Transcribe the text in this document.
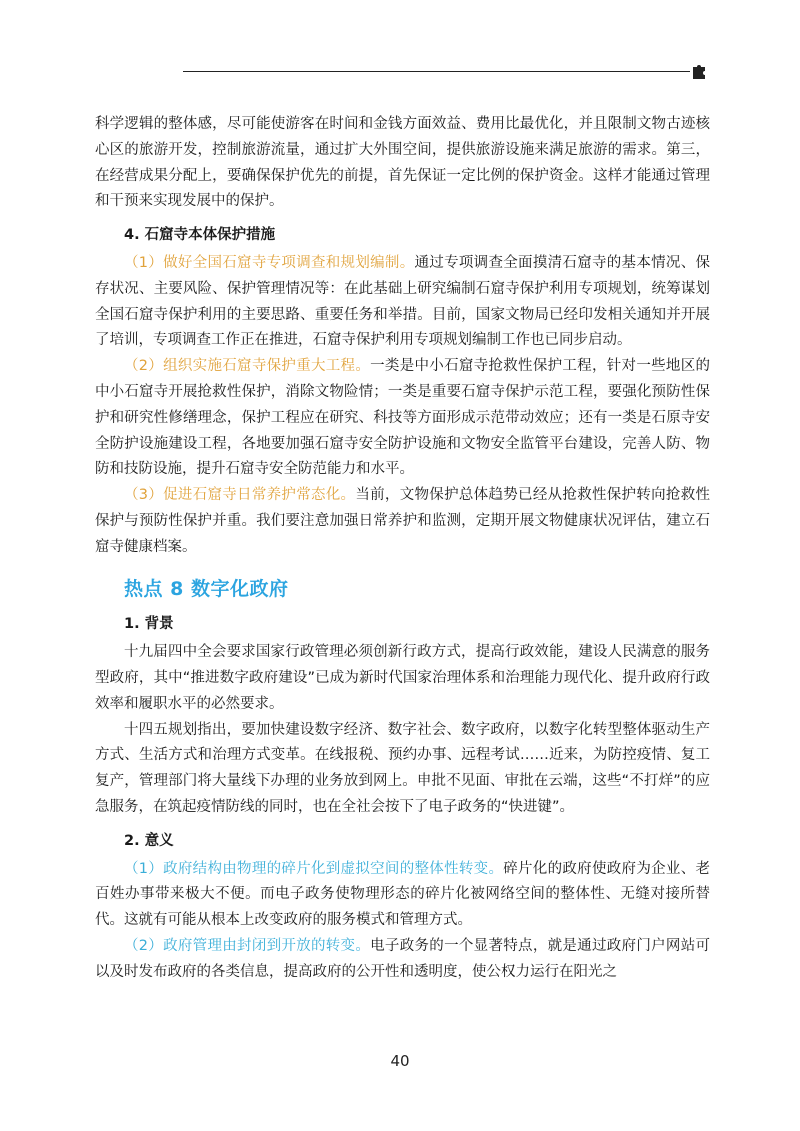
科学逻辑的整体感，尽可能使游客在时间和金钱方面效益、费用比最优化，并且限制文物古迹核心区的旅游开发，控制旅游流量，通过扩大外围空间，提供旅游设施来满足旅游的需求。第三，在经营成果分配上，要确保保护优先的前提，首先保证一定比例的保护资金。这样才能通过管理和干预来实现发展中的保护。

4. 石窟寺本体保护措施

（1）做好全国石窟寺专项调查和规划编制。通过专项调查全面摸清石窟寺的基本情况、保存状况、主要风险、保护管理情况等：在此基础上研究编制石窟寺保护利用专项规划，统筹谋划全国石窟寺保护利用的主要思路、重要任务和举措。目前，国家文物局已经印发相关通知并开展了培训，专项调查工作正在推进，石窟寺保护利用专项规划编制工作也已同步启动。

（2）组织实施石窟寺保护重大工程。一类是中小石窟寺抢救性保护工程，针对一些地区的中小石窟寺开展抢救性保护，消除文物险情；一类是重要石窟寺保护示范工程，要强化预防性保护和研究性修缮理念，保护工程应在研究、科技等方面形成示范带动效应；还有一类是石原寺安全防护设施建设工程，各地要加强石窟寺安全防护设施和文物安全监管平台建设，完善人防、物防和技防设施，提升石窟寺安全防范能力和水平。

（3）促进石窟寺日常养护常态化。当前，文物保护总体趋势已经从抢救性保护转向抢救性保护与预防性保护并重。我们要注意加强日常养护和监测，定期开展文物健康状况评估，建立石窟寺健康档案。

热点 8 数字化政府

1. 背景

十九届四中全会要求国家行政管理必须创新行政方式，提高行政效能，建设人民满意的服务型政府，其中“推进数字政府建设”已成为新时代国家治理体系和治理能力现代化、提升政府行政效率和履职水平的必然要求。

十四五规划指出，要加快建设数字经济、数字社会、数字政府，以数字化转型整体驱动生产方式、生活方式和治理方式变革。在线报税、预约办事、远程考试……近来，为防控疫情、复工复产，管理部门将大量线下办理的业务放到网上。申批不见面、审批在云端，这些“不打烊”的应急服务，在筑起疫情防线的同时，也在全社会按下了电子政务的“快进键”。

2. 意义

（1）政府结构由物理的碎片化到虚拟空间的整体性转变。碎片化的政府使政府为企业、老百姓办事带来极大不便。而电子政务使物理形态的碎片化被网络空间的整体性、无缝对接所替代。这就有可能从根本上改变政府的服务模式和管理方式。

（2）政府管理由封闭到开放的转变。电子政务的一个显著特点，就是通过政府门户网站可以及时发布政府的各类信息，提高政府的公开性和透明度，使公权力运行在阳光之

40
